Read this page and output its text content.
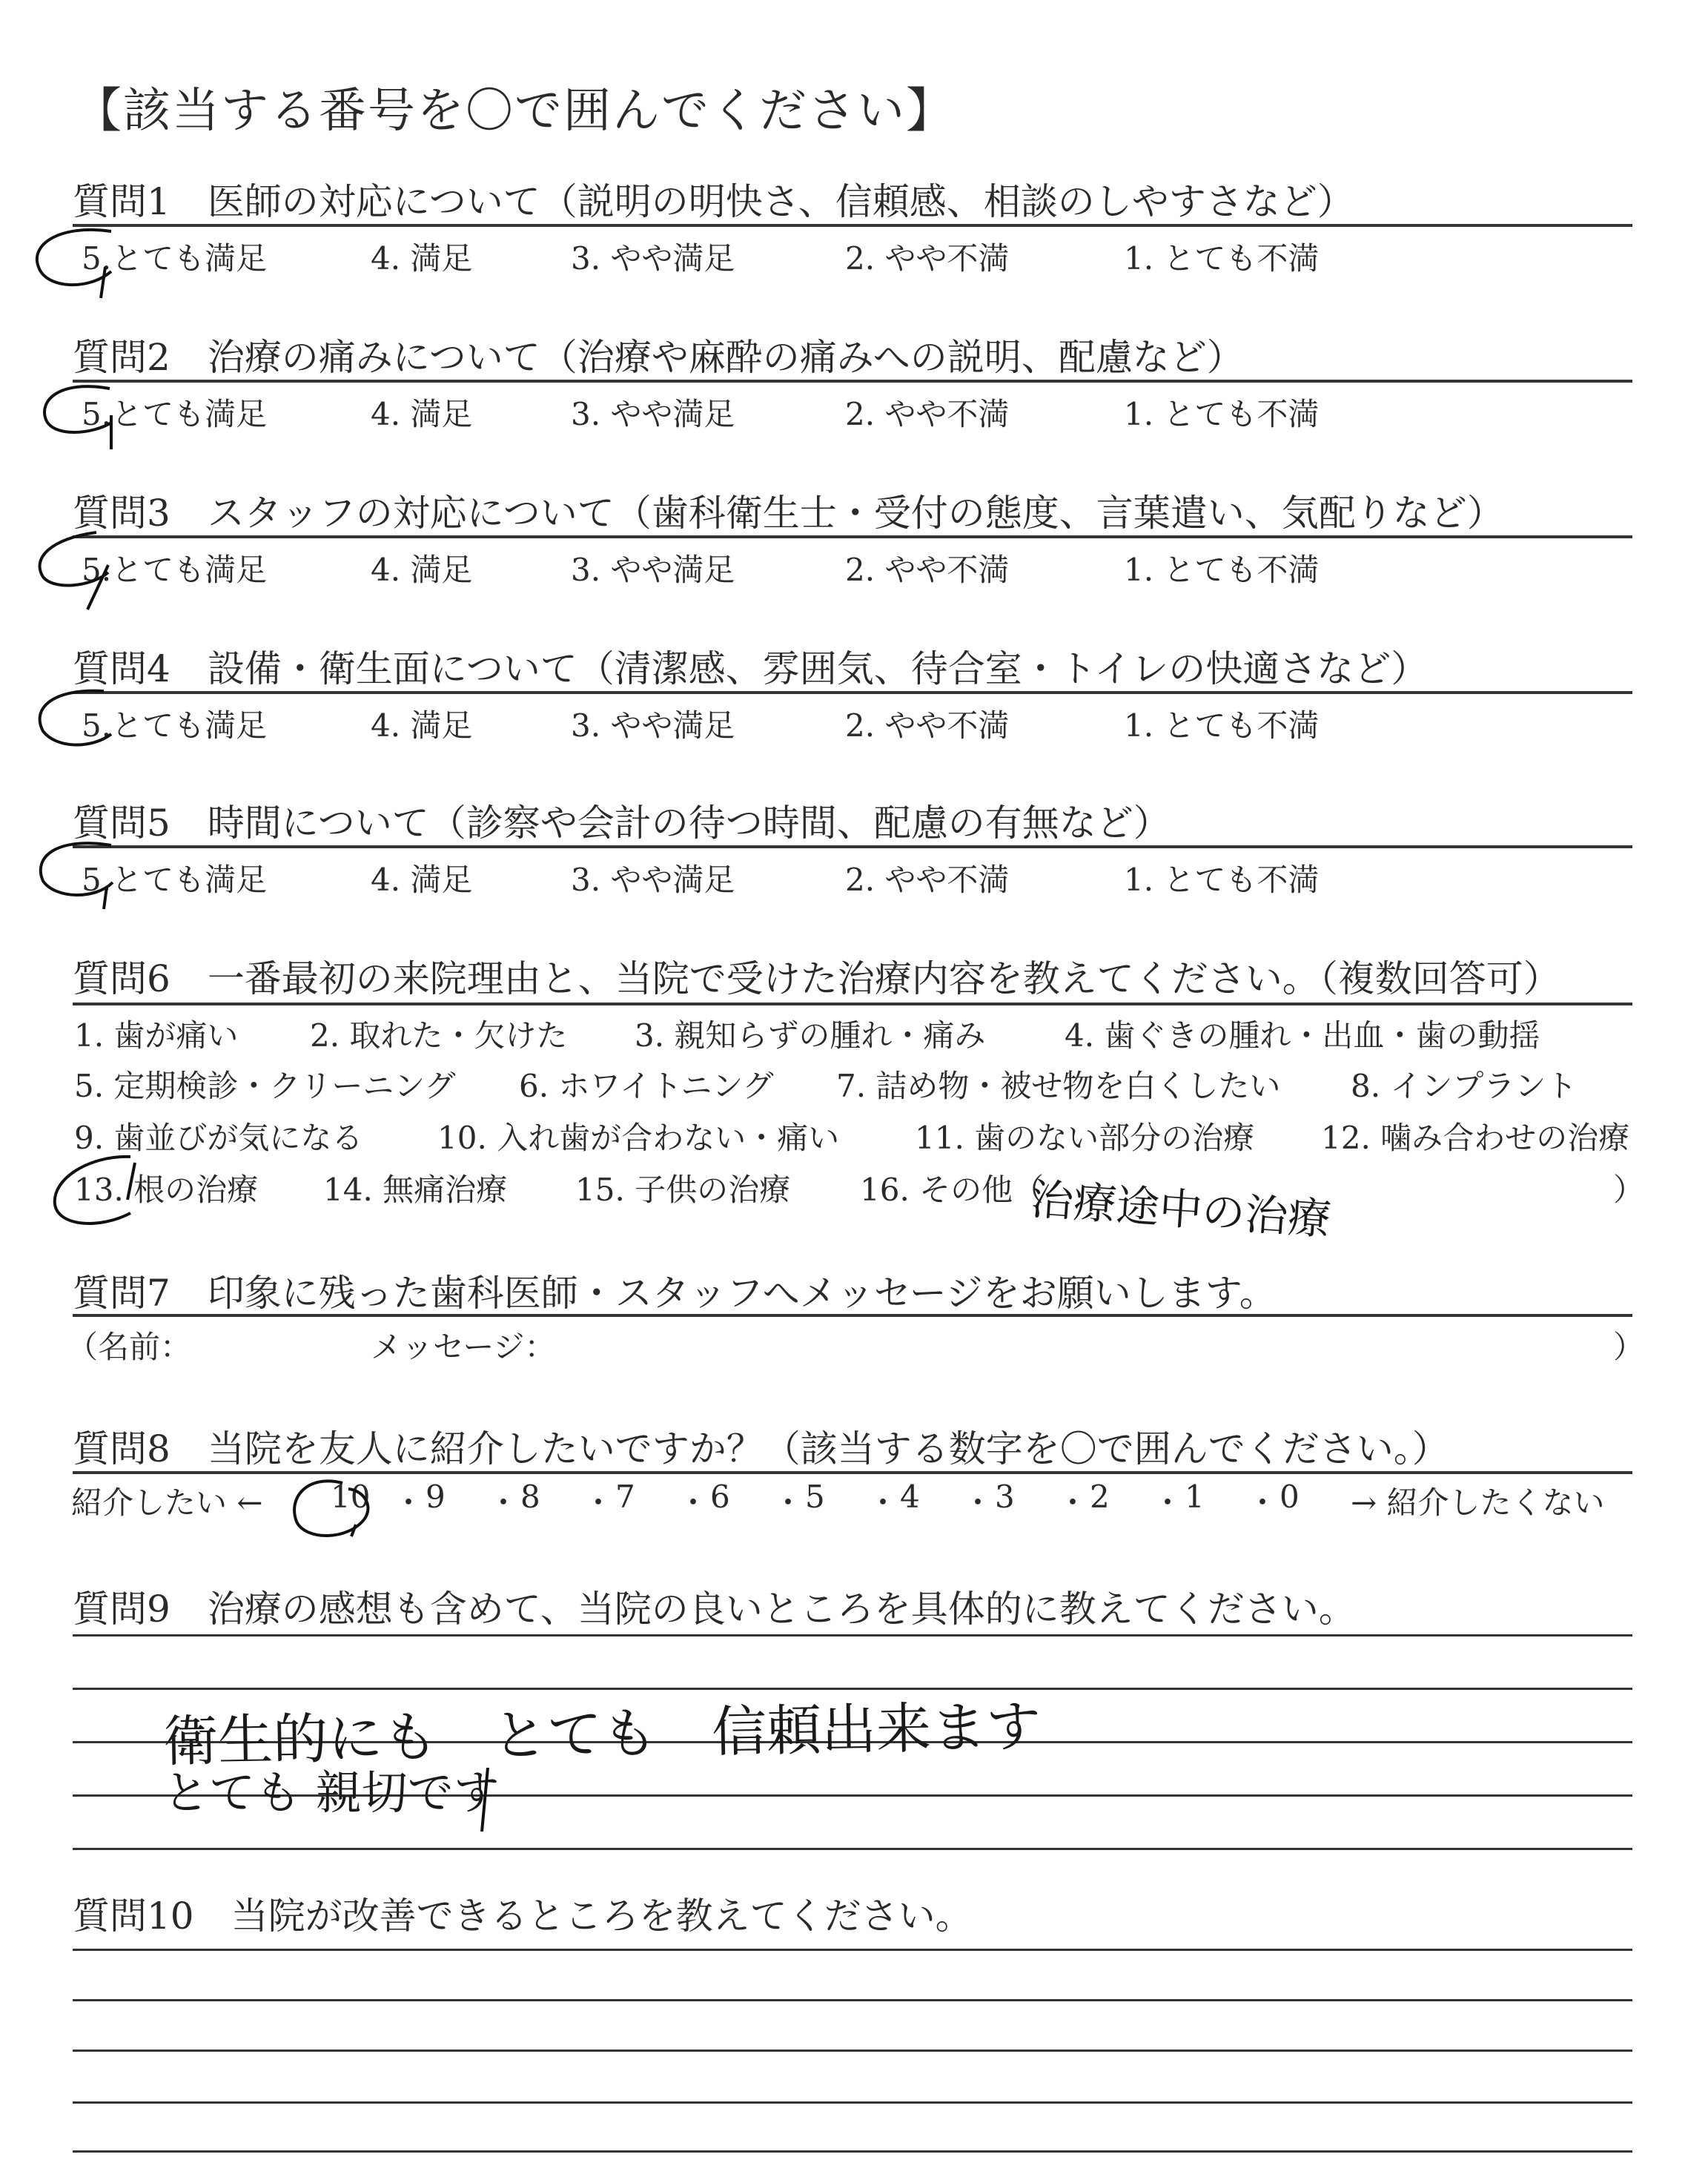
【該当する番号を〇で囲んでください】
質問1　 医師の対応について（説明の明快さ、信頼感、相談のしやすさなど）
5.とても満足	4. 満足	3. やや満足	2. やや不満	1. とても不満
質問2　 治療の痛みについて（治療や麻酔の痛みへの説明、配慮など）
5.とても満足	4. 満足	3. やや満足	2. やや不満	1. とても不満
質問3　 スタッフの対応について（歯科衛生士・受付の態度、言葉遣い、気配りなど）
5.とても満足	4. 満足	3. やや満足	2. やや不満	1. とても不満
質問4　 設備・衛生面について（清潔感、雰囲気、待合室・トイレの快適さなど）
5.とても満足	4. 満足	3. やや満足	2. やや不満	1. とても不満
質問5　 時間について（診察や会計の待つ時間、配慮の有無など）
5.とても満足	4. 満足	3. やや満足	2. やや不満	1. とても不満
質問6　 一番最初の来院理由と、当院で受けた治療内容を教えてください。（複数回答可）
1. 歯が痛い 2. 取れた・欠けた 3. 親知らずの腫れ・痛み	4. 歯ぐきの腫れ・出血・歯の動揺
5. 定期検診・クリーニング 6. ホワイトニング 7. 詰め物・被せ物を白くしたい 8. インプラント
9. 歯並びが気になる 10. 入れ歯が合わない・痛い 11. 歯のない部分の治療 12. 噛み合わせの治療
13. 根の治療 14. 無痛治療 15. 子供の治療 16. その他（	）
治療途中の治療
質問7　 印象に残った歯科医師・スタッフへメッセージをお願いします。
（名前：	メッセージ：	）
質問8　 当院を友人に紹介したいですか？（該当する数字を〇で囲んでください。）
紹介したい ← 10 ・ 9 ・ 8 ・ 7 ・ 6 ・ 5 ・ 4 ・ 3 ・ 2 ・ 1 ・ 0 → 紹介したくない
質問9　 治療の感想も含めて、当院の良いところを具体的に教えてください。
衛生的にも　とても　信頼出来ます
とても 親切です
質問10　 当院が改善できるところを教えてください。
